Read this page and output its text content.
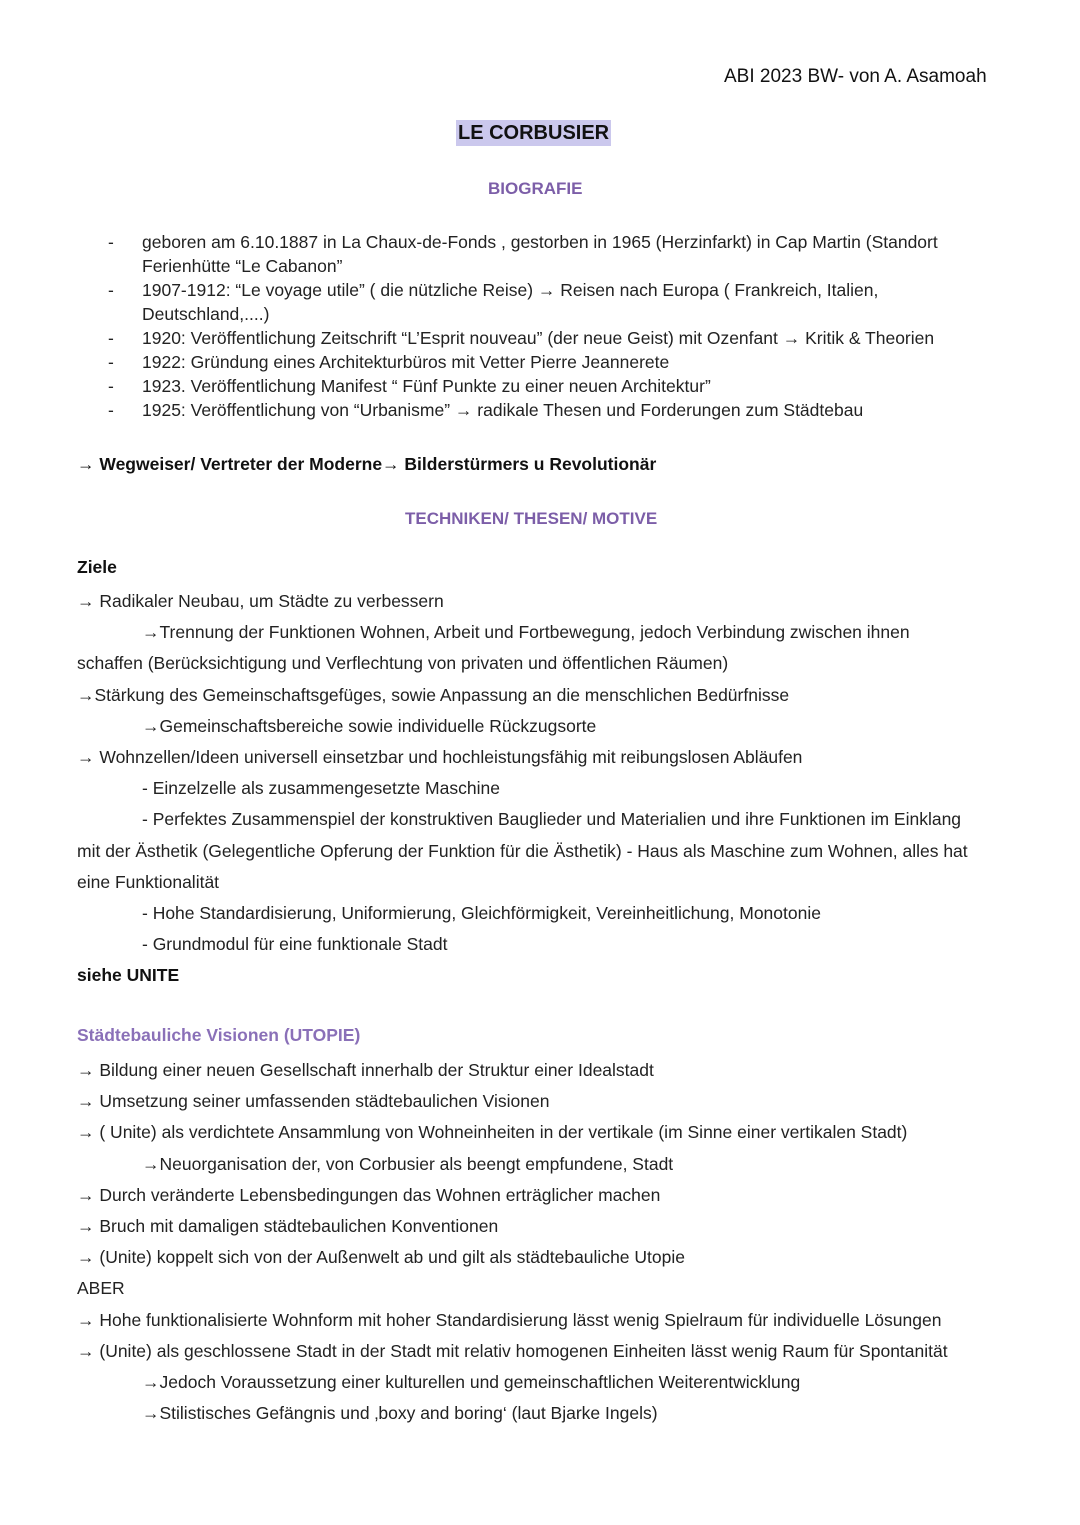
ABI 2023 BW- von A. Asamoah
LE CORBUSIER
BIOGRAFIE
- geboren am 6.10.1887 in La Chaux-de-Fonds , gestorben in 1965 (Herzinfarkt) in Cap Martin (Standort
Ferienhütte “Le Cabanon”
- 1907-1912: “Le voyage utile” ( die nützliche Reise) → Reisen nach Europa ( Frankreich, Italien,
Deutschland,....)
- 1920: Veröffentlichung Zeitschrift “L’Esprit nouveau” (der neue Geist) mit Ozenfant → Kritik & Theorien
- 1922: Gründung eines Architekturbüros mit Vetter Pierre Jeannerete
- 1923. Veröffentlichung Manifest “ Fünf Punkte zu einer neuen Architektur”
- 1925: Veröffentlichung von “Urbanisme” → radikale Thesen und Forderungen zum Städtebau
→ Wegweiser/ Vertreter der Moderne→ Bilderstürmers u Revolutionär
TECHNIKEN/ THESEN/ MOTIVE
Ziele
→ Radikaler Neubau, um Städte zu verbessern
→Trennung der Funktionen Wohnen, Arbeit und Fortbewegung, jedoch Verbindung zwischen ihnen
schaffen (Berücksichtigung und Verflechtung von privaten und öffentlichen Räumen)
→Stärkung des Gemeinschaftsgefüges, sowie Anpassung an die menschlichen Bedürfnisse
→Gemeinschaftsbereiche sowie individuelle Rückzugsorte
→ Wohnzellen/Ideen universell einsetzbar und hochleistungsfähig mit reibungslosen Abläufen
- Einzelzelle als zusammengesetzte Maschine
- Perfektes Zusammenspiel der konstruktiven Bauglieder und Materialien und ihre Funktionen im Einklang
mit der Ästhetik (Gelegentliche Opferung der Funktion für die Ästhetik) - Haus als Maschine zum Wohnen, alles hat
eine Funktionalität
- Hohe Standardisierung, Uniformierung, Gleichförmigkeit, Vereinheitlichung, Monotonie
- Grundmodul für eine funktionale Stadt
siehe UNITE
Städtebauliche Visionen (UTOPIE)
→ Bildung einer neuen Gesellschaft innerhalb der Struktur einer Idealstadt
→ Umsetzung seiner umfassenden städtebaulichen Visionen
→ ( Unite) als verdichtete Ansammlung von Wohneinheiten in der vertikale (im Sinne einer vertikalen Stadt)
→Neuorganisation der, von Corbusier als beengt empfundene, Stadt
→ Durch veränderte Lebensbedingungen das Wohnen erträglicher machen
→ Bruch mit damaligen städtebaulichen Konventionen
→ (Unite) koppelt sich von der Außenwelt ab und gilt als städtebauliche Utopie
ABER
→ Hohe funktionalisierte Wohnform mit hoher Standardisierung lässt wenig Spielraum für individuelle Lösungen
→ (Unite) als geschlossene Stadt in der Stadt mit relativ homogenen Einheiten lässt wenig Raum für Spontanität
→Jedoch Voraussetzung einer kulturellen und gemeinschaftlichen Weiterentwicklung
→Stilistisches Gefängnis und ‚boxy and boring‘ (laut Bjarke Ingels)
